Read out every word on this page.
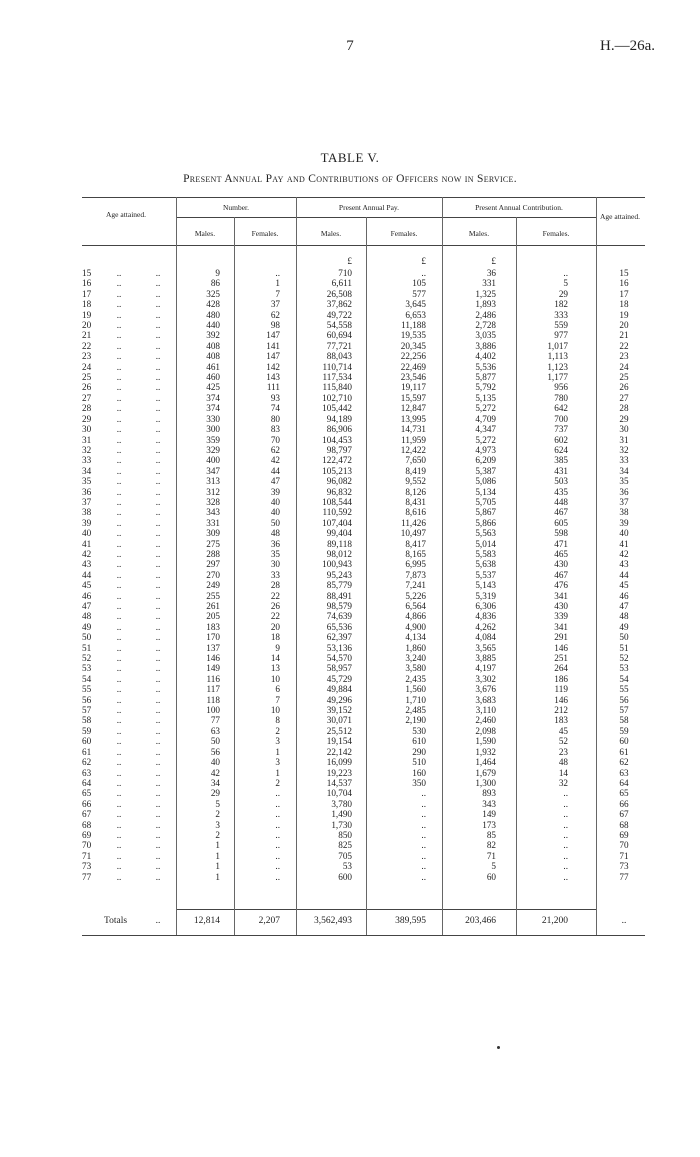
7	H.—26a.
TABLE V.
Present Annual Pay and Contributions of Officers now in Service.
Age attained.
Number.	Present Annual Pay.	Present Annual Contribution.
Age attained.
Males.	Females.	Males.	Females.	Males.	Females.
£	£	£
15	..	..	9	..	710	..	36	..	15
16	..	..	86	1	6,611	105	331	5	16
17	..	..	325	7	26,508	577	1,325	29	17
18	..	..	428	37	37,862	3,645	1,893	182	18
19	..	..	480	62	49,722	6,653	2,486	333	19
20	..	..	440	98	54,558	11,188	2,728	559	20
21	..	..	392	147	60,694	19,535	3,035	977	21
22	..	..	408	141	77,721	20,345	3,886	1,017	22
23	..	..	408	147	88,043	22,256	4,402	1,113	23
24	..	..	461	142	110,714	22,469	5,536	1,123	24
25	..	..	460	143	117,534	23,546	5,877	1,177	25
26	..	..	425	111	115,840	19,117	5,792	956	26
27	..	..	374	93	102,710	15,597	5,135	780	27
28	..	..	374	74	105,442	12,847	5,272	642	28
29	..	..	330	80	94,189	13,995	4,709	700	29
30	..	..	300	83	86,906	14,731	4,347	737	30
31	..	..	359	70	104,453	11,959	5,272	602	31
32	..	..	329	62	98,797	12,422	4,973	624	32
33	..	..	400	42	122,472	7,650	6,209	385	33
34	..	..	347	44	105,213	8,419	5,387	431	34
35	..	..	313	47	96,082	9,552	5,086	503	35
36	..	..	312	39	96,832	8,126	5,134	435	36
37	..	..	328	40	108,544	8,431	5,705	448	37
38	..	..	343	40	110,592	8,616	5,867	467	38
39	..	..	331	50	107,404	11,426	5,866	605	39
40	..	..	309	48	99,404	10,497	5,563	598	40
41	..	..	275	36	89,118	8,417	5,014	471	41
42	..	..	288	35	98,012	8,165	5,583	465	42
43	..	..	297	30	100,943	6,995	5,638	430	43
44	..	..	270	33	95,243	7,873	5,537	467	44
45	..	..	249	28	85,779	7,241	5,143	476	45
46	..	..	255	22	88,491	5,226	5,319	341	46
47	..	..	261	26	98,579	6,564	6,306	430	47
48	..	..	205	22	74,639	4,866	4,836	339	48
49	..	..	183	20	65,536	4,900	4,262	341	49
50	..	..	170	18	62,397	4,134	4,084	291	50
51	..	..	137	9	53,136	1,860	3,565	146	51
52	..	..	146	14	54,570	3,240	3,885	251	52
53	..	..	149	13	58,957	3,580	4,197	264	53
54	..	..	116	10	45,729	2,435	3,302	186	54
55	..	..	117	6	49,884	1,560	3,676	119	55
56	..	..	118	7	49,296	1,710	3,683	146	56
57	..	..	100	10	39,152	2,485	3,110	212	57
58	..	..	77	8	30,071	2,190	2,460	183	58
59	..	..	63	2	25,512	530	2,098	45	59
60	..	..	50	3	19,154	610	1,590	52	60
61	..	..	56	1	22,142	290	1,932	23	61
62	..	..	40	3	16,099	510	1,464	48	62
63	..	..	42	1	19,223	160	1,679	14	63
64	..	..	34	2	14,537	350	1,300	32	64
65	..	..	29	..	10,704	..	893	..	65
66	..	..	5	..	3,780	..	343	..	66
67	..	..	2	..	1,490	..	149	..	67
68	..	..	3	..	1,730	..	173	..	68
69	..	..	2	..	850	..	85	..	69
70	..	..	1	..	825	..	82	..	70
71	..	..	1	..	705	..	71	..	71
73	..	..	1	..	53	..	5	..	73
77	..	..	1	..	600	..	60	..	77
Totals	..	12,814	2,207	3,562,493	389,595	203,466	21,200	..
